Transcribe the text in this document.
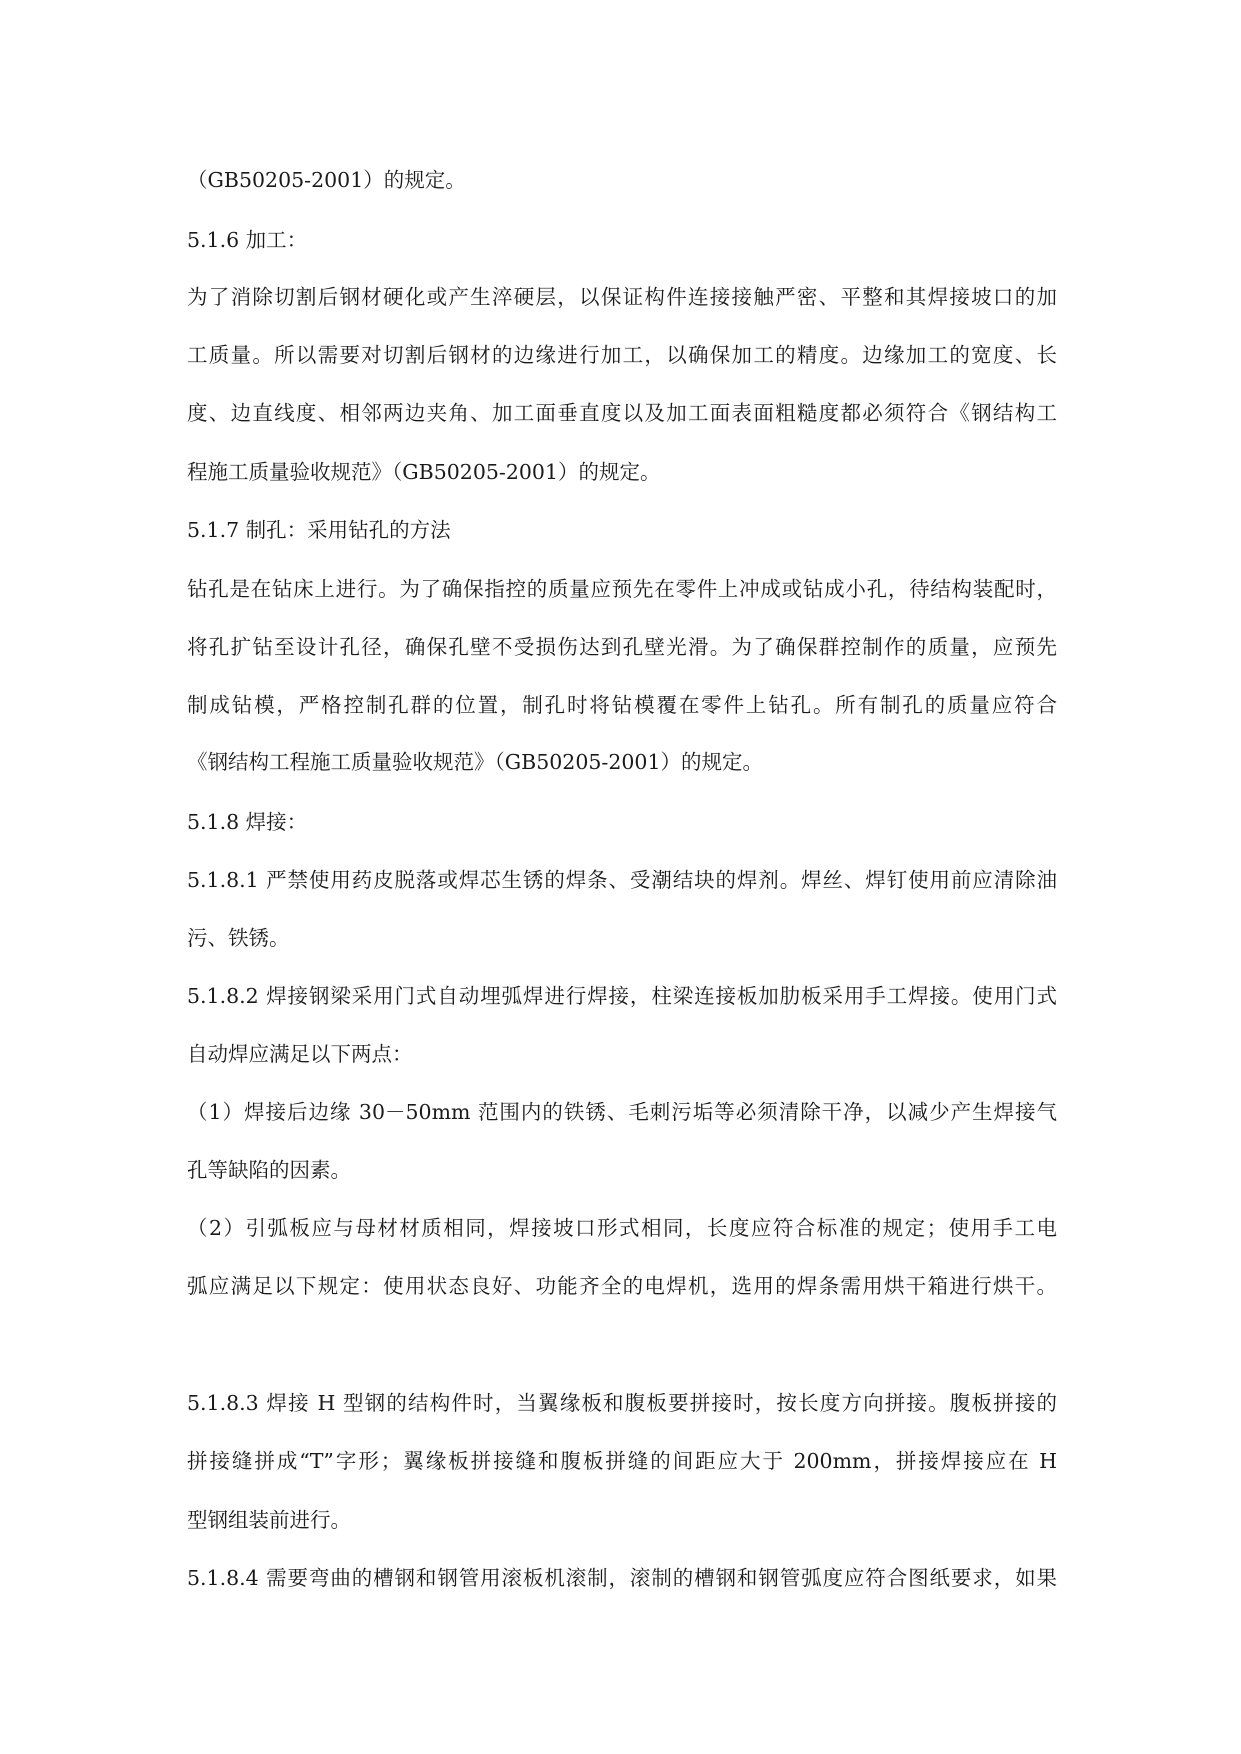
（GB50205-2001）的规定。
5.1.6 加工：
为了消除切割后钢材硬化或产生淬硬层，以保证构件连接接触严密、平整和其焊接坡口的加
工质量。所以需要对切割后钢材的边缘进行加工，以确保加工的精度。边缘加工的宽度、长
度、边直线度、相邻两边夹角、加工面垂直度以及加工面表面粗糙度都必须符合《钢结构工
程施工质量验收规范》（GB50205-2001）的规定。
5.1.7 制孔：采用钻孔的方法
钻孔是在钻床上进行。为了确保指控的质量应预先在零件上冲成或钻成小孔，待结构装配时，
将孔扩钻至设计孔径，确保孔壁不受损伤达到孔壁光滑。为了确保群控制作的质量，应预先
制成钻模，严格控制孔群的位置，制孔时将钻模覆在零件上钻孔。所有制孔的质量应符合
《钢结构工程施工质量验收规范》（GB50205-2001）的规定。
5.1.8 焊接：
5.1.8.1 严禁使用药皮脱落或焊芯生锈的焊条、受潮结块的焊剂。焊丝、焊钉使用前应清除油
污、铁锈。
5.1.8.2 焊接钢梁采用门式自动埋弧焊进行焊接，柱梁连接板加肋板采用手工焊接。使用门式
自动焊应满足以下两点：
（1）焊接后边缘 30－50mm 范围内的铁锈、毛刺污垢等必须清除干净，以减少产生焊接气
孔等缺陷的因素。
（2）引弧板应与母材材质相同，焊接坡口形式相同，长度应符合标准的规定；使用手工电
弧应满足以下规定：使用状态良好、功能齐全的电焊机，选用的焊条需用烘干箱进行烘干。
5.1.8.3 焊接 H 型钢的结构件时，当翼缘板和腹板要拼接时，按长度方向拼接。腹板拼接的
拼接缝拼成“T”字形；翼缘板拼接缝和腹板拼缝的间距应大于 200mm，拼接焊接应在 H
型钢组装前进行。
5.1.8.4 需要弯曲的槽钢和钢管用滚板机滚制，滚制的槽钢和钢管弧度应符合图纸要求，如果
